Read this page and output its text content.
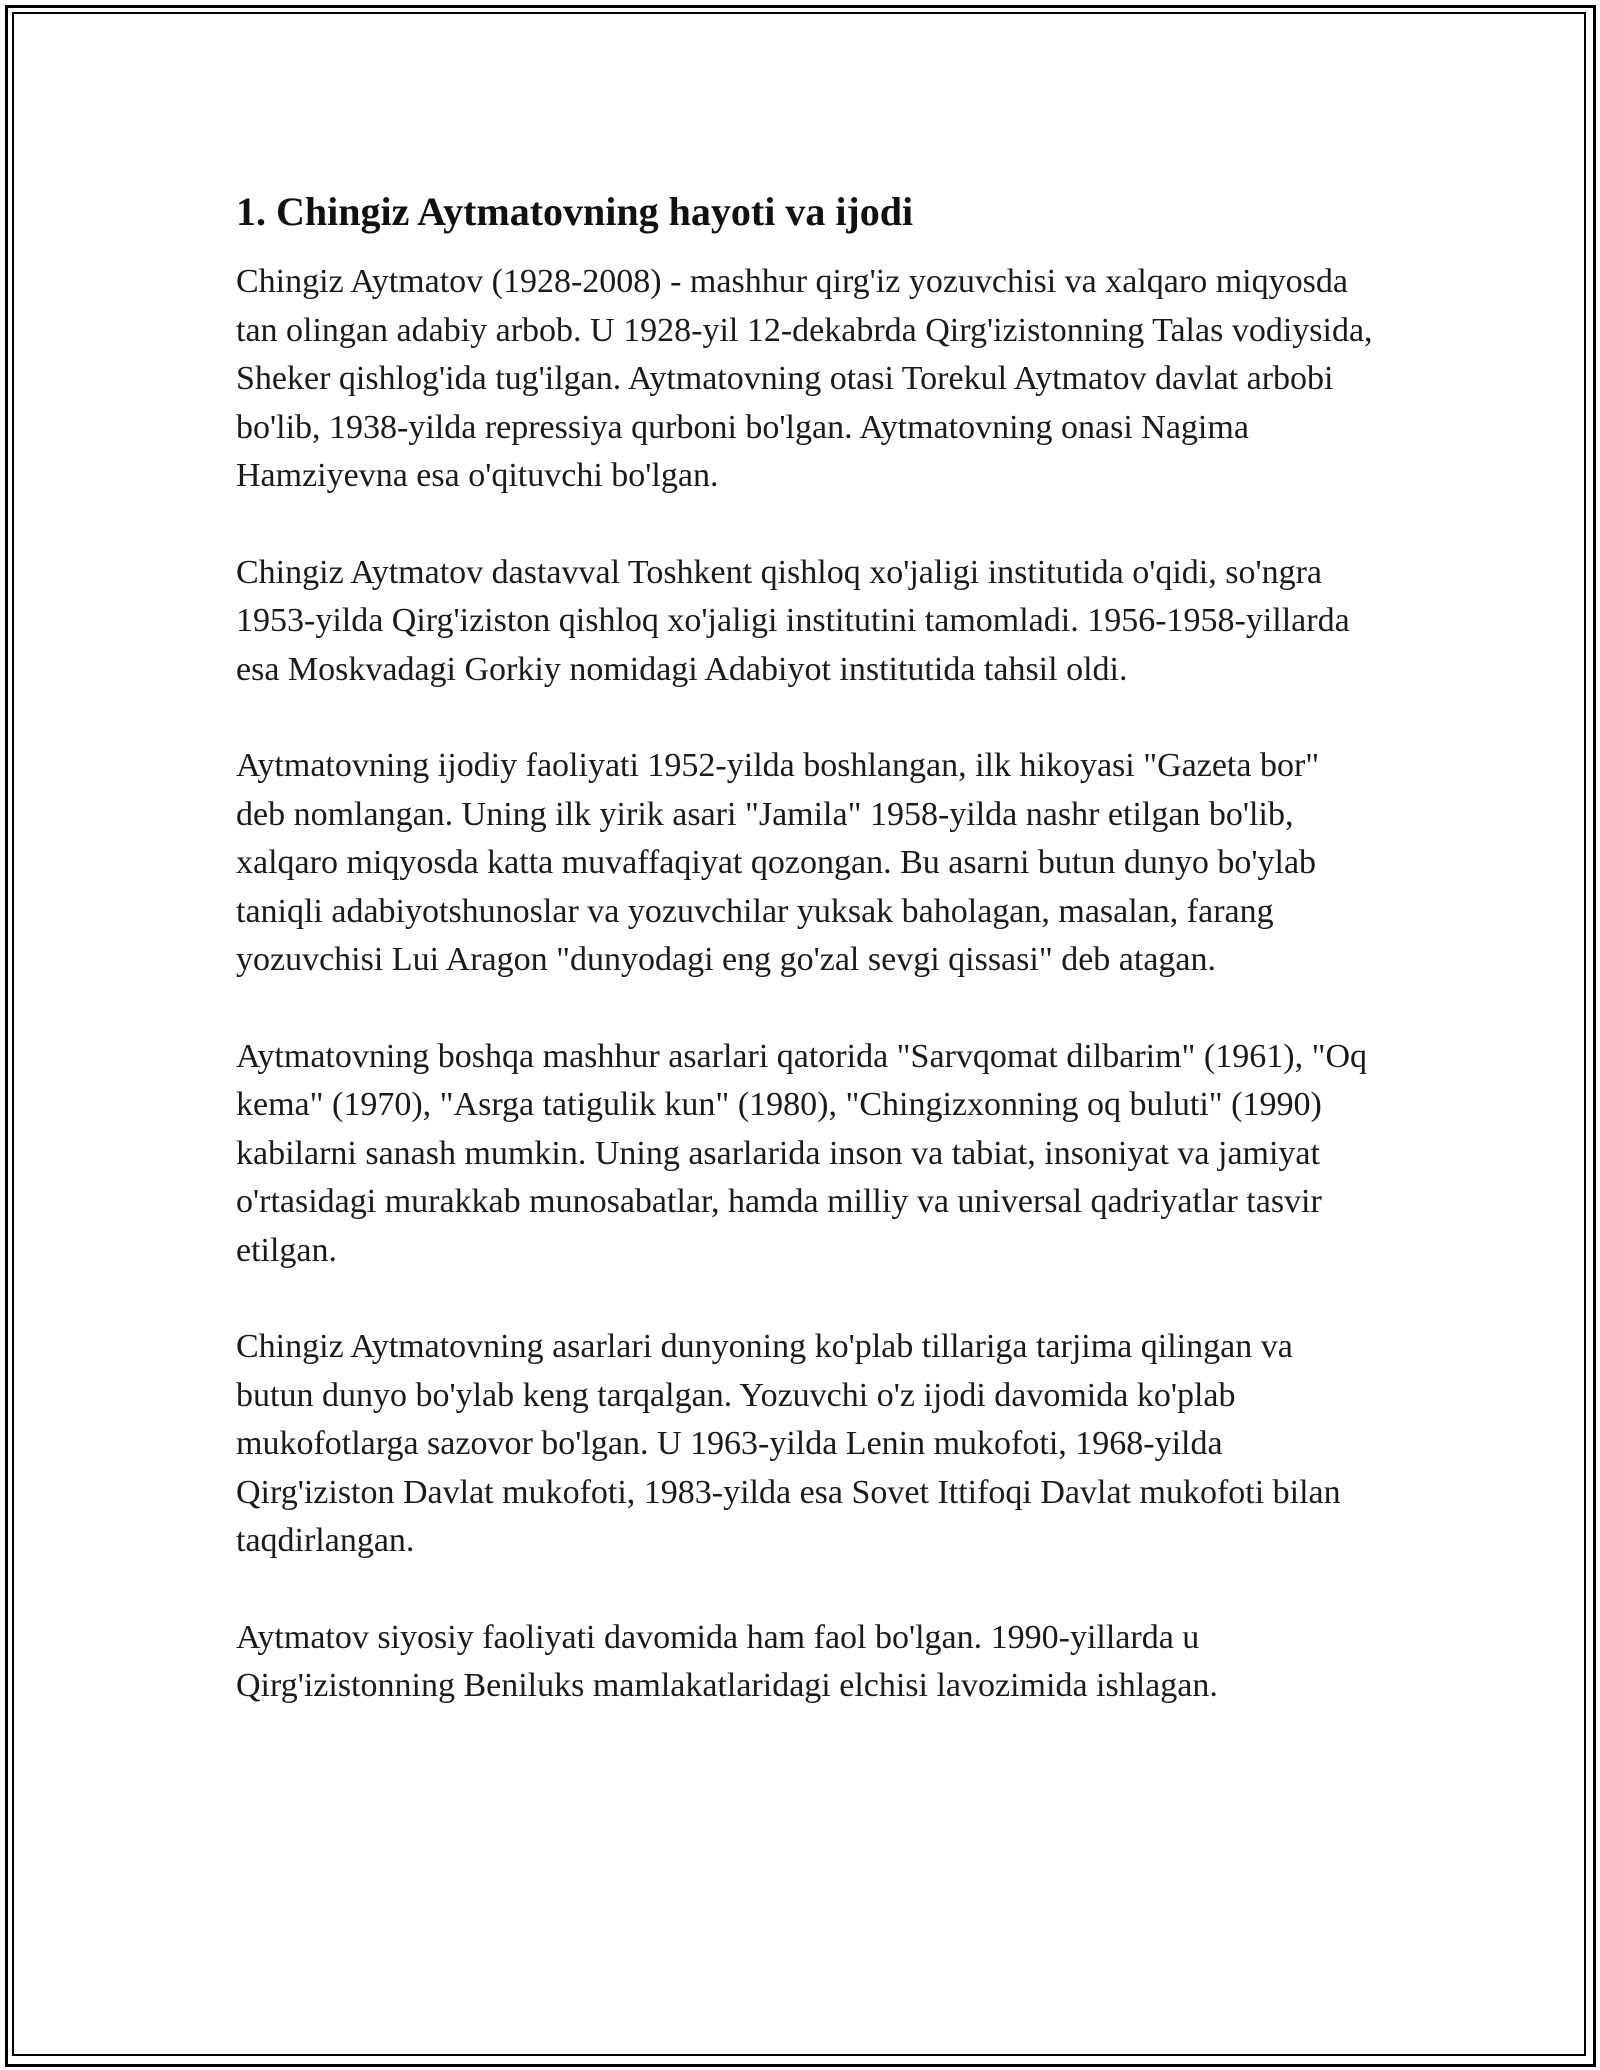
1. Chingiz Aytmatovning hayoti va ijodi

Chingiz Aytmatov (1928-2008) - mashhur qirg'iz yozuvchisi va xalqaro miqyosda tan olingan adabiy arbob. U 1928-yil 12-dekabrda Qirg'izistonning Talas vodiysida, Sheker qishlog'ida tug'ilgan. Aytmatovning otasi Torekul Aytmatov davlat arbobi bo'lib, 1938-yilda repressiya qurboni bo'lgan. Aytmatovning onasi Nagima Hamziyevna esa o'qituvchi bo'lgan.

Chingiz Aytmatov dastavval Toshkent qishloq xo'jaligi institutida o'qidi, so'ngra 1953-yilda Qirg'iziston qishloq xo'jaligi institutini tamomladi. 1956-1958-yillarda esa Moskvadagi Gorkiy nomidagi Adabiyot institutida tahsil oldi.

Aytmatovning ijodiy faoliyati 1952-yilda boshlangan, ilk hikoyasi "Gazeta bor" deb nomlangan. Uning ilk yirik asari "Jamila" 1958-yilda nashr etilgan bo'lib, xalqaro miqyosda katta muvaffaqiyat qozongan. Bu asarni butun dunyo bo'ylab taniqli adabiyotshunoslar va yozuvchilar yuksak baholagan, masalan, farang yozuvchisi Lui Aragon "dunyodagi eng go'zal sevgi qissasi" deb atagan.

Aytmatovning boshqa mashhur asarlari qatorida "Sarvqomat dilbarim" (1961), "Oq kema" (1970), "Asrga tatigulik kun" (1980), "Chingizxonning oq buluti" (1990) kabilarni sanash mumkin. Uning asarlarida inson va tabiat, insoniyat va jamiyat o'rtasidagi murakkab munosabatlar, hamda milliy va universal qadriyatlar tasvir etilgan.

Chingiz Aytmatovning asarlari dunyoning ko'plab tillariga tarjima qilingan va butun dunyo bo'ylab keng tarqalgan. Yozuvchi o'z ijodi davomida ko'plab mukofotlarga sazovor bo'lgan. U 1963-yilda Lenin mukofoti, 1968-yilda Qirg'iziston Davlat mukofoti, 1983-yilda esa Sovet Ittifoqi Davlat mukofoti bilan taqdirlangan.

Aytmatov siyosiy faoliyati davomida ham faol bo'lgan. 1990-yillarda u Qirg'izistonning Beniluks mamlakatlaridagi elchisi lavozimida ishlagan.
